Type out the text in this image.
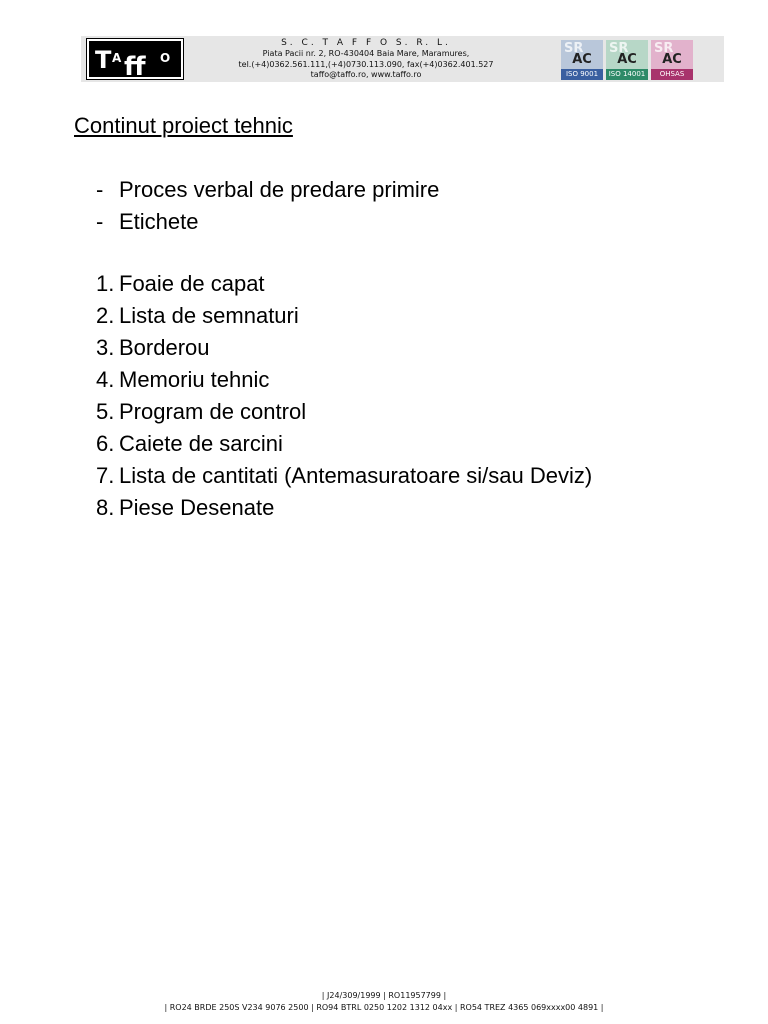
T A ff O
S. C. T A F F O S. R. L.
Piata Pacii nr. 2, RO-430404 Baia Mare, Maramures,
tel.(+4)0362.561.111,(+4)0730.113.090, fax(+4)0362.401.527
taffo@taffo.ro, www.taffo.ro
SR
AC
ISO 9001
SR
AC
ISO 14001
SR
AC
OHSAS 18001
Continut proiect tehnic
- Proces verbal de predare primire
- Etichete
1. Foaie de capat
2. Lista de semnaturi
3. Borderou
4. Memoriu tehnic
5. Program de control
6. Caiete de sarcini
7. Lista de cantitati (Antemasuratoare si/sau Deviz)
8. Piese Desenate
| J24/309/1999 | RO11957799 |
| RO24 BRDE 250S V234 9076 2500 | RO94 BTRL 0250 1202 1312 04xx | RO54 TREZ 4365 069xxxx00 4891 |
